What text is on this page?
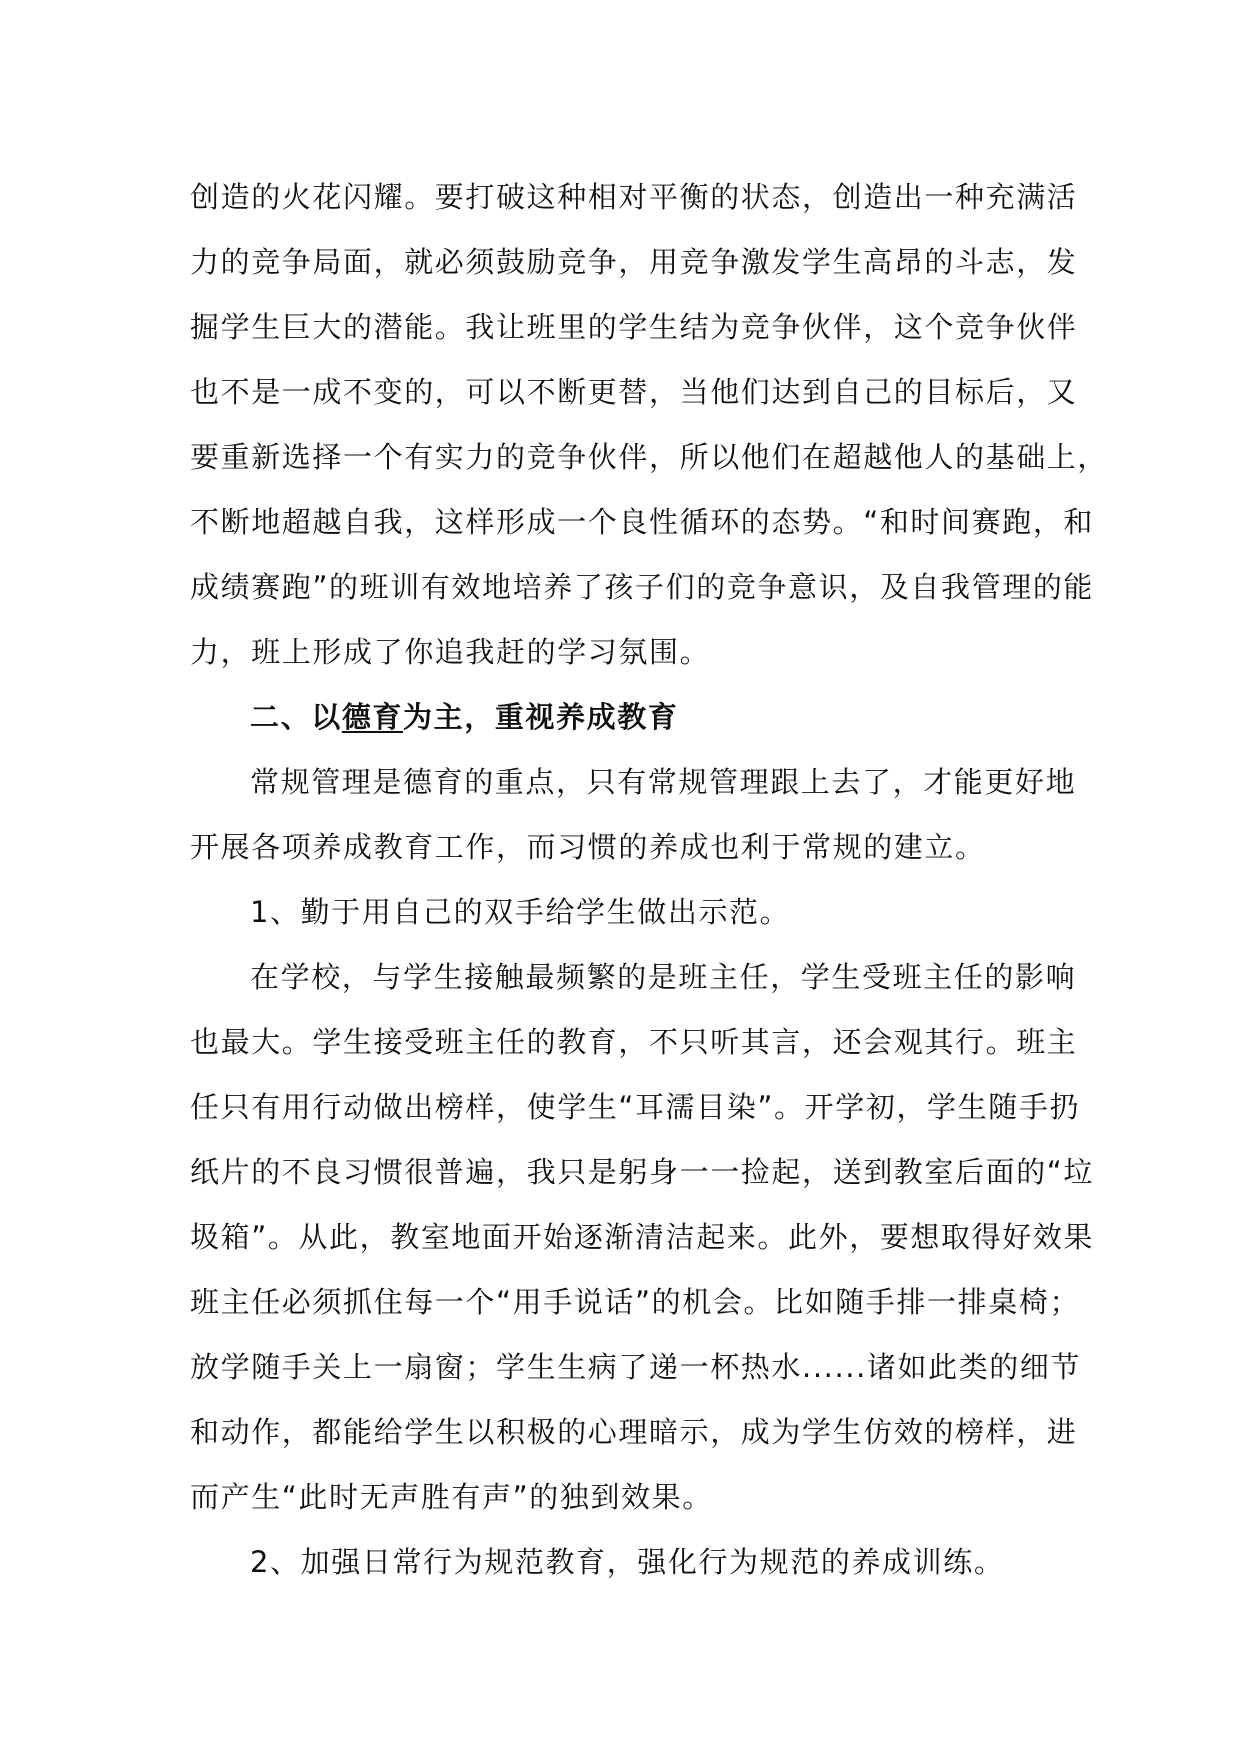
创造的火花闪耀。要打破这种相对平衡的状态，创造出一种充满活
力的竞争局面，就必须鼓励竞争，用竞争激发学生高昂的斗志，发
掘学生巨大的潜能。我让班里的学生结为竞争伙伴，这个竞争伙伴
也不是一成不变的，可以不断更替，当他们达到自己的目标后，又
要重新选择一个有实力的竞争伙伴，所以他们在超越他人的基础上，
不断地超越自我，这样形成一个良性循环的态势。“和时间赛跑，和
成绩赛跑”的班训有效地培养了孩子们的竞争意识，及自我管理的能
力，班上形成了你追我赶的学习氛围。
二、以德育为主，重视养成教育
常规管理是德育的重点，只有常规管理跟上去了，才能更好地
开展各项养成教育工作，而习惯的养成也利于常规的建立。
1、勤于用自己的双手给学生做出示范。
在学校，与学生接触最频繁的是班主任，学生受班主任的影响
也最大。学生接受班主任的教育，不只听其言，还会观其行。班主
任只有用行动做出榜样，使学生“耳濡目染”。开学初，学生随手扔
纸片的不良习惯很普遍，我只是躬身一一捡起，送到教室后面的“垃
圾箱”。从此，教室地面开始逐渐清洁起来。此外，要想取得好效果
班主任必须抓住每一个“用手说话”的机会。比如随手排一排桌椅；
放学随手关上一扇窗；学生生病了递一杯热水......诸如此类的细节
和动作，都能给学生以积极的心理暗示，成为学生仿效的榜样，进
而产生“此时无声胜有声”的独到效果。
2、加强日常行为规范教育，强化行为规范的养成训练。
